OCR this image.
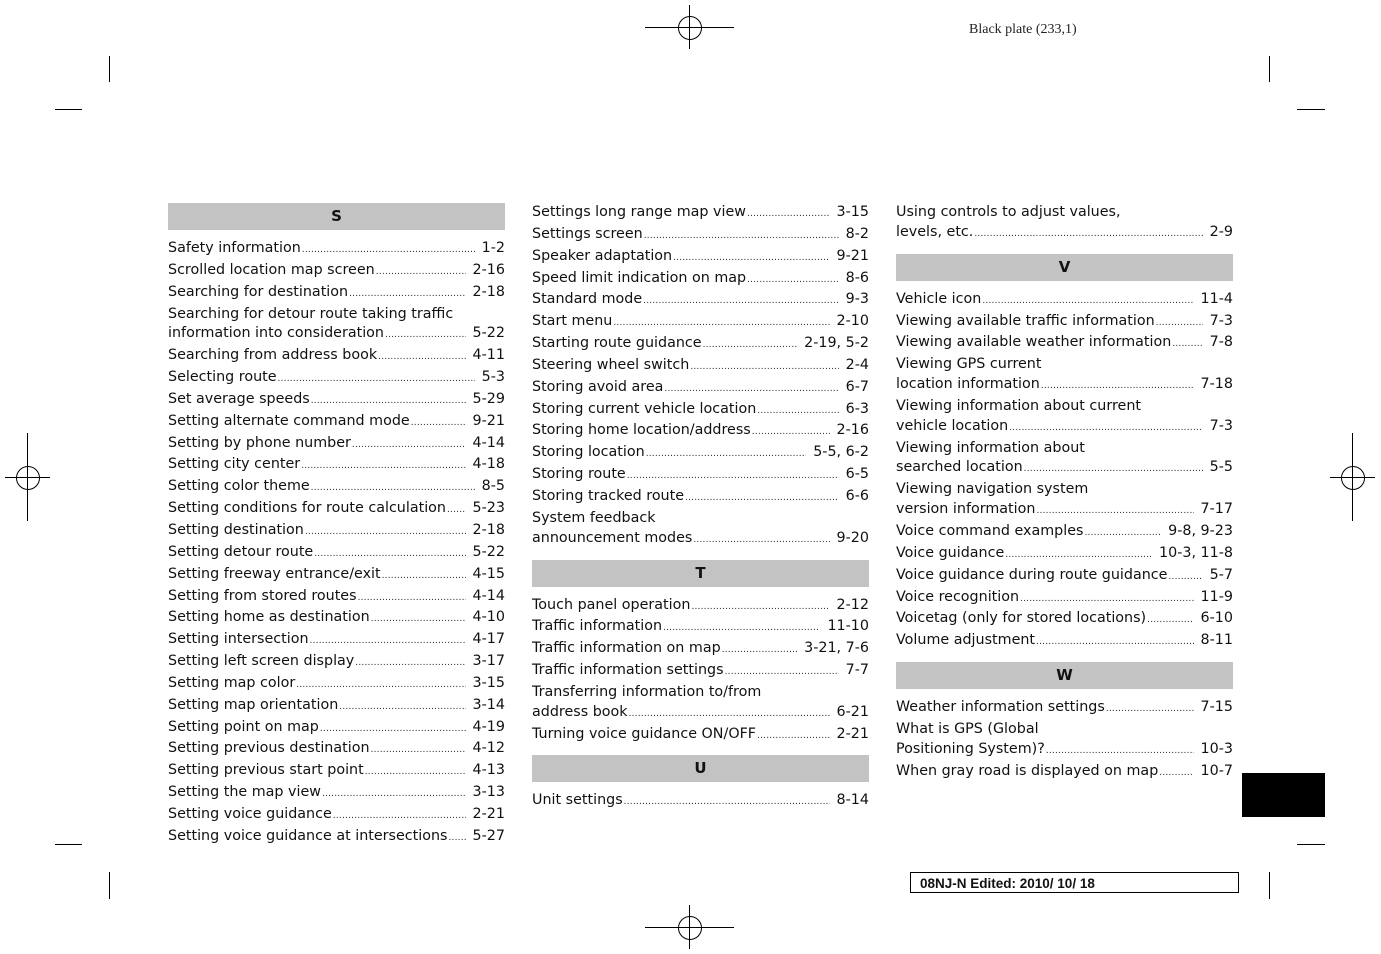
Black plate (233,1)
S
Safety information .....	1-2
Scrolled location map screen .....	2-16
Searching for destination .....	2-18
Searching for detour route taking traffic
information into consideration .....	5-22
Searching from address book .....	4-11
Selecting route .....	5-3
Set average speeds .....	5-29
Setting alternate command mode .....	9-21
Setting by phone number .....	4-14
Setting city center .....	4-18
Setting color theme .....	8-5
Setting conditions for route calculation ..... 5-23
Setting destination .....	2-18
Setting detour route .....	5-22
Setting freeway entrance/exit .....	4-15
Setting from stored routes .....	4-14
Setting home as destination .....	4-10
Setting intersection .....	4-17
Setting left screen display .....	3-17
Setting map color .....	3-15
Setting map orientation .....	3-14
Setting point on map .....	4-19
Setting previous destination .....	4-12
Setting previous start point .....	4-13
Setting the map view .....	3-13
Setting voice guidance .....	2-21
Setting voice guidance at intersections ..... 5-27
Settings long range map view .....	3-15
Settings screen .....	8-2
Speaker adaptation .....	9-21
Speed limit indication on map .....	8-6
Standard mode .....	9-3
Start menu .....	2-10
Starting route guidance .....	2-19, 5-2
Steering wheel switch .....	2-4
Storing avoid area .....	6-7
Storing current vehicle location .....	6-3
Storing home location/address .....	2-16
Storing location .....	5-5, 6-2
Storing route .....	6-5
Storing tracked route .....	6-6
System feedback
announcement modes .....	9-20
T
Touch panel operation .....	2-12
Traffic information .....	11-10
Traffic information on map .....	3-21, 7-6
Traffic information settings .....	7-7
Transferring information to/from
address book .....	6-21
Turning voice guidance ON/OFF .....	2-21
U
Unit settings .....	8-14
Using controls to adjust values,
levels, etc. .....	2-9
V
Vehicle icon .....	11-4
Viewing available traffic information .....	7-3
Viewing available weather information .....	7-8
Viewing GPS current
location information .....	7-18
Viewing information about current
vehicle location .....	7-3
Viewing information about
searched location .....	5-5
Viewing navigation system
version information .....	7-17
Voice command examples .....	9-8, 9-23
Voice guidance .....	10-3, 11-8
Voice guidance during route guidance .....	5-7
Voice recognition .....	11-9
Voicetag (only for stored locations) .....	6-10
Volume adjustment .....	8-11
W
Weather information settings .....	7-15
What is GPS (Global
Positioning System)? .....	10-3
When gray road is displayed on map .....	10-7
08NJ-N Edited: 2010/ 10/ 18
